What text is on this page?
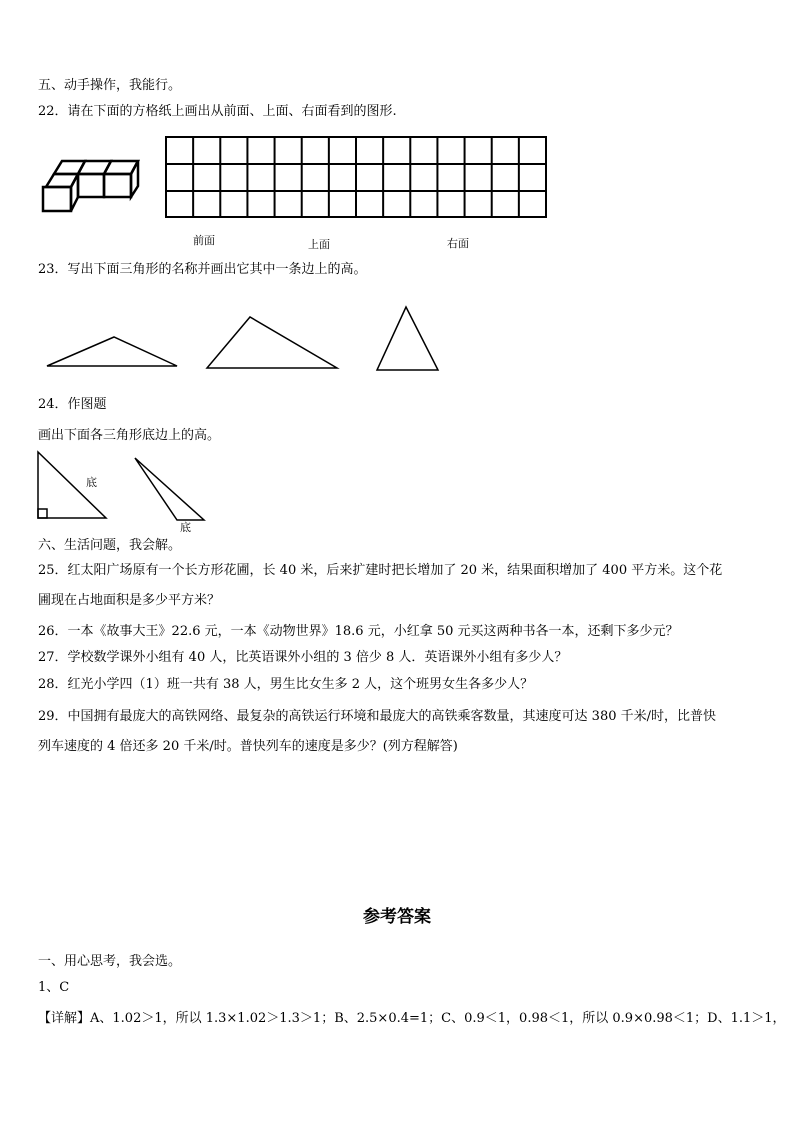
五、动手操作，我能行。
22．请在下面的方格纸上画出从前面、上面、右面看到的图形.
前面	上面	右面
23．写出下面三角形的名称并画出它其中一条边上的高。
24．作图题
画出下面各三角形底边上的高。
底
底
六、生活问题，我会解。
25．红太阳广场原有一个长方形花圃，长 40 米，后来扩建时把长增加了 20 米，结果面积增加了 400 平方米。这个花
圃现在占地面积是多少平方米？
26．一本《故事大王》22.6 元，一本《动物世界》18.6 元，小红拿 50 元买这两种书各一本，还剩下多少元？
27．学校数学课外小组有 40 人，比英语课外小组的 3 倍少 8 人．英语课外小组有多少人？
28．红光小学四（1）班一共有 38 人，男生比女生多 2 人，这个班男女生各多少人？
29．中国拥有最庞大的高铁网络、最复杂的高铁运行环境和最庞大的高铁乘客数量，其速度可达 380 千米/时，比普快
列车速度的 4 倍还多 20 千米/时。普快列车的速度是多少？(列方程解答)
参考答案
一、用心思考，我会选。
1、C
【详解】A、1.02＞1，所以 1.3×1.02＞1.3＞1；B、2.5×0.4=1；C、0.9＜1，0.98＜1，所以 0.9×0.98＜1；D、1.1＞1，
